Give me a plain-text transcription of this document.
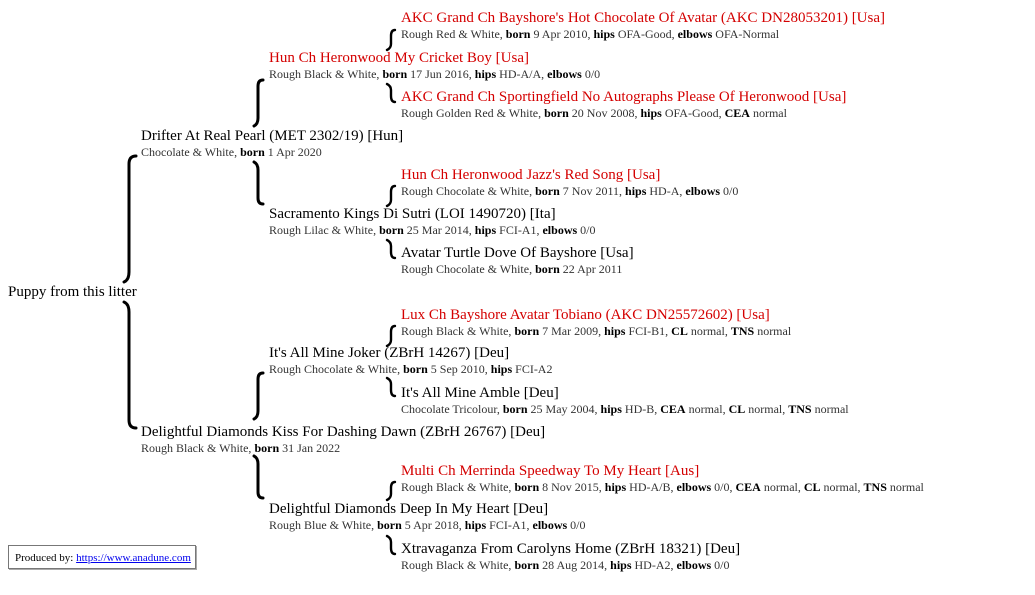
Puppy from this litter
Drifter At Real Pearl (MET 2302/19) [Hun]
Chocolate & White, born 1 Apr 2020
Delightful Diamonds Kiss For Dashing Dawn (ZBrH 26767) [Deu]
Rough Black & White, born 31 Jan 2022
Hun Ch Heronwood My Cricket Boy [Usa]
Rough Black & White, born 17 Jun 2016, hips HD-A/A, elbows 0/0
Sacramento Kings Di Sutri (LOI 1490720) [Ita]
Rough Lilac & White, born 25 Mar 2014, hips FCI-A1, elbows 0/0
It's All Mine Joker (ZBrH 14267) [Deu]
Rough Chocolate & White, born 5 Sep 2010, hips FCI-A2
Delightful Diamonds Deep In My Heart [Deu]
Rough Blue & White, born 5 Apr 2018, hips FCI-A1, elbows 0/0
AKC Grand Ch Bayshore's Hot Chocolate Of Avatar (AKC DN28053201) [Usa]
Rough Red & White, born 9 Apr 2010, hips OFA-Good, elbows OFA-Normal
AKC Grand Ch Sportingfield No Autographs Please Of Heronwood [Usa]
Rough Golden Red & White, born 20 Nov 2008, hips OFA-Good, CEA normal
Hun Ch Heronwood Jazz's Red Song [Usa]
Rough Chocolate & White, born 7 Nov 2011, hips HD-A, elbows 0/0
Avatar Turtle Dove Of Bayshore [Usa]
Rough Chocolate & White, born 22 Apr 2011
Lux Ch Bayshore Avatar Tobiano (AKC DN25572602) [Usa]
Rough Black & White, born 7 Mar 2009, hips FCI-B1, CL normal, TNS normal
It's All Mine Amble [Deu]
Chocolate Tricolour, born 25 May 2004, hips HD-B, CEA normal, CL normal, TNS normal
Multi Ch Merrinda Speedway To My Heart [Aus]
Rough Black & White, born 8 Nov 2015, hips HD-A/B, elbows 0/0, CEA normal, CL normal, TNS normal
Xtravaganza From Carolyns Home (ZBrH 18321) [Deu]
Rough Black & White, born 28 Aug 2014, hips HD-A2, elbows 0/0
Produced by: https://www.anadune.com
